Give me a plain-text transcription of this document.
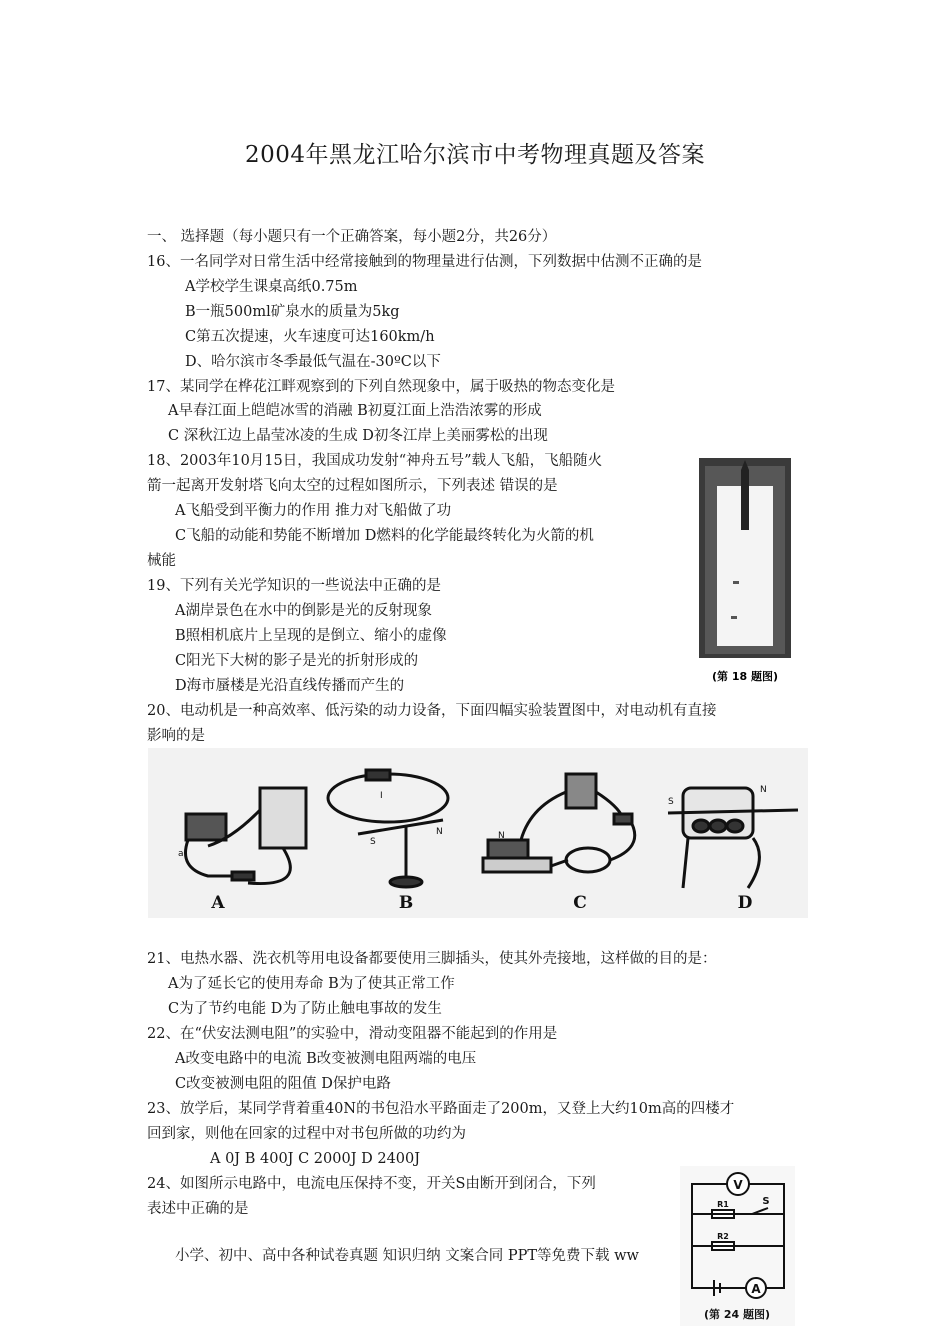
2004年黑龙江哈尔滨市中考物理真题及答案
一、 选择题（每小题只有一个正确答案，每小题2分，共26分）
16、一名同学对日常生活中经常接触到的物理量进行估测，下列数据中估测不正确的是
A学校学生课桌高纸0.75m
B一瓶500ml矿泉水的质量为5kg
C第五次提速，火车速度可达160km/h
D、哈尔滨市冬季最低气温在-30ºC以下
17、某同学在桦花江畔观察到的下列自然现象中，属于吸热的物态变化是
A早春江面上皑皑冰雪的消融 B初夏江面上浩浩浓雾的形成
C 深秋江边上晶莹冰凌的生成 D初冬江岸上美丽雾松的出现
18、2003年10月15日，我国成功发射“神舟五号”载人飞船，飞船随火
箭一起离开发射塔飞向太空的过程如图所示，下列表述 错误的是
A飞船受到平衡力的作用 推力对飞船做了功
C飞船的动能和势能不断增加 D燃料的化学能最终转化为火箭的机
械能
19、下列有关光学知识的一些说法中正确的是
A湖岸景色在水中的倒影是光的反射现象
B照相机底片上呈现的是倒立、缩小的虚像
C阳光下大树的影子是光的折射形成的
D海市蜃楼是光沿直线传播而产生的
20、电动机是一种高效率、低污染的动力设备，下面四幅实验装置图中，对电动机有直接
影响的是
21、电热水器、洗衣机等用电设备都要使用三脚插头，使其外壳接地，这样做的目的是：
A为了延长它的使用寿命 B为了使其正常工作
C为了节约电能 D为了防止触电事故的发生
22、在“伏安法测电阻”的实验中，滑动变阻器不能起到的作用是
A改变电路中的电流 B改变被测电阻两端的电压
C改变被测电阻的阻值 D保护电路
23、放学后，某同学背着重40N的书包沿水平路面走了200m，又登上大约10m高的四楼才
回到家，则他在回家的过程中对书包所做的功约为
A 0J B 400J C 2000J D 2400J
24、如图所示电路中，电流电压保持不变，开关S由断开到闭合，下列
表述中正确的是
小学、初中、高中各种试卷真题 知识归纳 文案合同 PPT等免费下载 ww
(第 18 题图)
A	B	C	D
a
S
N	N
S
N
I
V
A
S
R1
R2
(第 24 题图)
